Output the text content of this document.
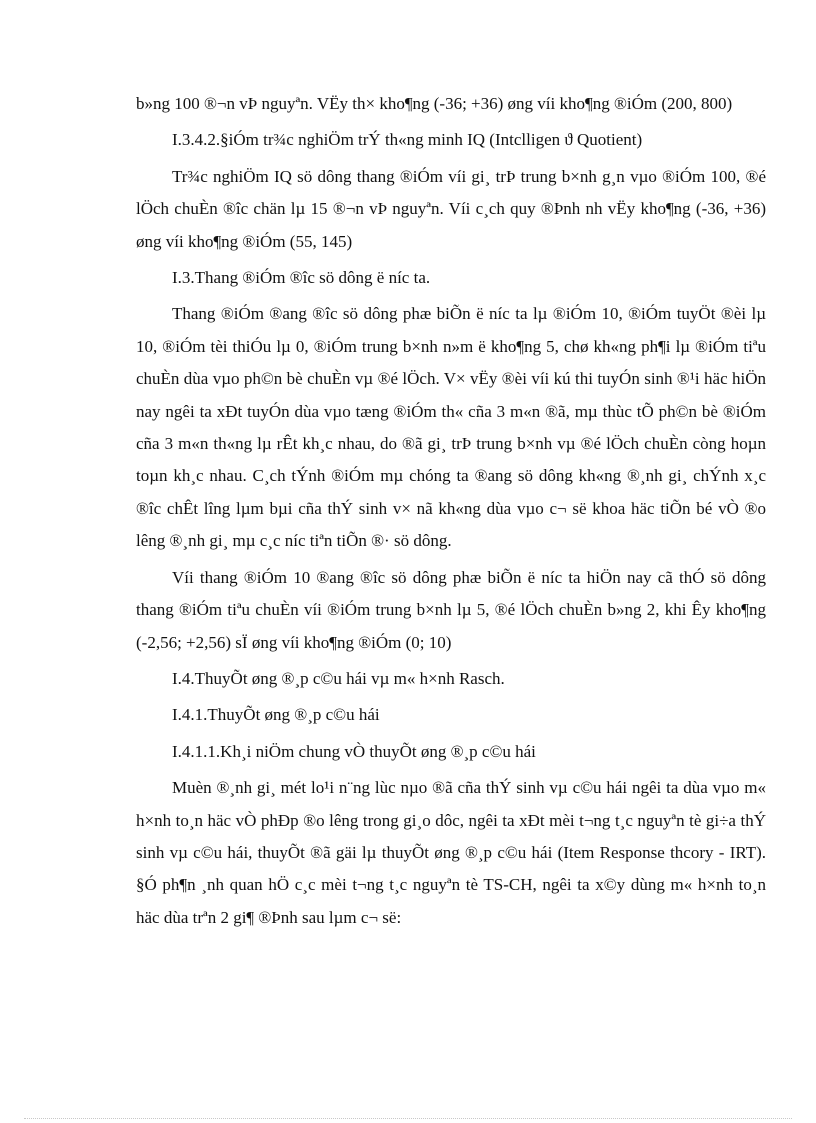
b»ng 100 ®¬n vÞ nguyªn. VËy th× kho¶ng (-36; +36) øng víi kho¶ng ®iÓm (200, 800)

I.3.4.2.§iÓm tr¾c nghiÖm trÝ th«ng minh IQ (Intclligen ϑ Quotient)

Tr¾c nghiÖm IQ sö dông thang ®iÓm víi gi¸ trÞ trung b×nh g¸n vµo ®iÓm 100, ®é lÖch chuÈn ®îc chän lµ 15 ®¬n vÞ nguyªn. Víi c¸ch quy ®Þnh nh vËy kho¶ng (-36, +36) øng víi kho¶ng ®iÓm (55, 145)

I.3.Thang ®iÓm ®îc sö dông ë níc ta.

Thang ®iÓm ®ang ®îc sö dông phæ biÕn ë níc ta lµ ®iÓm 10, ®iÓm tuyÖt ®èi lµ 10, ®iÓm tèi thiÓu lµ 0, ®iÓm trung b×nh n»m ë kho¶ng 5, chø kh«ng ph¶i lµ ®iÓm tiªu chuÈn dùa vµo ph©n bè chuÈn vµ ®é lÖch. V× vËy ®èi víi kú thi tuyÓn sinh ®¹i häc hiÖn nay ngêi ta xÐt tuyÓn dùa vµo tæng ®iÓm th« cña 3 m«n ®ã, mµ thùc tÕ ph©n bè ®iÓm cña 3 m«n th«ng lµ rÊt kh¸c nhau, do ®ã gi¸ trÞ trung b×nh vµ ®é lÖch chuÈn còng hoµn toµn kh¸c nhau. C¸ch tÝnh ®iÓm mµ chóng ta ®ang sö dông kh«ng ®¸nh gi¸ chÝnh x¸c ®îc chÊt lîng lµm bµi cña thÝ sinh v× nã kh«ng dùa vµo c¬ së khoa häc tiÕn bé vÒ ®o lêng ®¸nh gi¸ mµ c¸c níc tiªn tiÕn ®· sö dông.

Víi thang ®iÓm 10 ®ang ®îc sö dông phæ biÕn ë níc ta hiÖn nay cã thÓ sö dông thang ®iÓm tiªu chuÈn víi ®iÓm trung b×nh lµ 5, ®é lÖch chuÈn b»ng 2, khi Êy kho¶ng (-2,56; +2,56) sÏ øng víi kho¶ng ®iÓm (0; 10)

I.4.ThuyÕt øng ®¸p c©u hái vµ m« h×nh Rasch.

I.4.1.ThuyÕt øng ®¸p c©u hái

I.4.1.1.Kh¸i niÖm chung vÒ thuyÕt øng ®¸p c©u hái

Muèn ®¸nh gi¸ mét lo¹i n¨ng lùc nµo ®ã cña thÝ sinh vµ c©u hái ngêi ta dùa vµo m« h×nh to¸n häc vÒ phÐp ®o lêng trong gi¸o dôc, ngêi ta xÐt mèi t¬ng t¸c nguyªn tè gi÷a thÝ sinh vµ c©u hái, thuyÕt ®ã gäi lµ thuyÕt øng ®¸p c©u hái (Item Response thcory - IRT). §Ó ph¶n ¸nh quan hÖ c¸c mèi t¬ng t¸c nguyªn tè TS-CH, ngêi ta x©y dùng m« h×nh to¸n häc dùa trªn 2 gi¶ ®Þnh sau lµm c¬ së:
